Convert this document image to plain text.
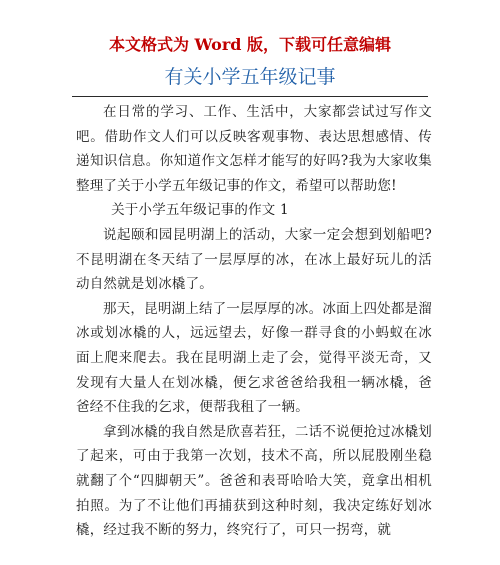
本文格式为 Word 版，下载可任意编辑
有关小学五年级记事

在日常的学习、工作、生活中，大家都尝试过写作文吧。借助作文人们可以反映客观事物、表达思想感情、传递知识信息。你知道作文怎样才能写的好吗?我为大家收集整理了关于小学五年级记事的作文，希望可以帮助您!

关于小学五年级记事的作文 1

说起颐和园昆明湖上的活动，大家一定会想到划船吧?不昆明湖在冬天结了一层厚厚的冰，在冰上最好玩儿的活动自然就是划冰橇了。

那天，昆明湖上结了一层厚厚的冰。冰面上四处都是溜冰或划冰橇的人，远远望去，好像一群寻食的小蚂蚁在冰面上爬来爬去。我在昆明湖上走了会，觉得平淡无奇，又发现有大量人在划冰橇，便乞求爸爸给我租一辆冰橇，爸爸经不住我的乞求，便帮我租了一辆。

拿到冰橇的我自然是欣喜若狂，二话不说便抢过冰橇划了起来，可由于我第一次划，技术不高，所以屁股刚坐稳就翻了个“四脚朝天”。爸爸和表哥哈哈大笑，竟拿出相机拍照。为了不让他们再捕获到这种时刻，我决定练好划冰橇，经过我不断的努力，终究行了，可只一拐弯，就
